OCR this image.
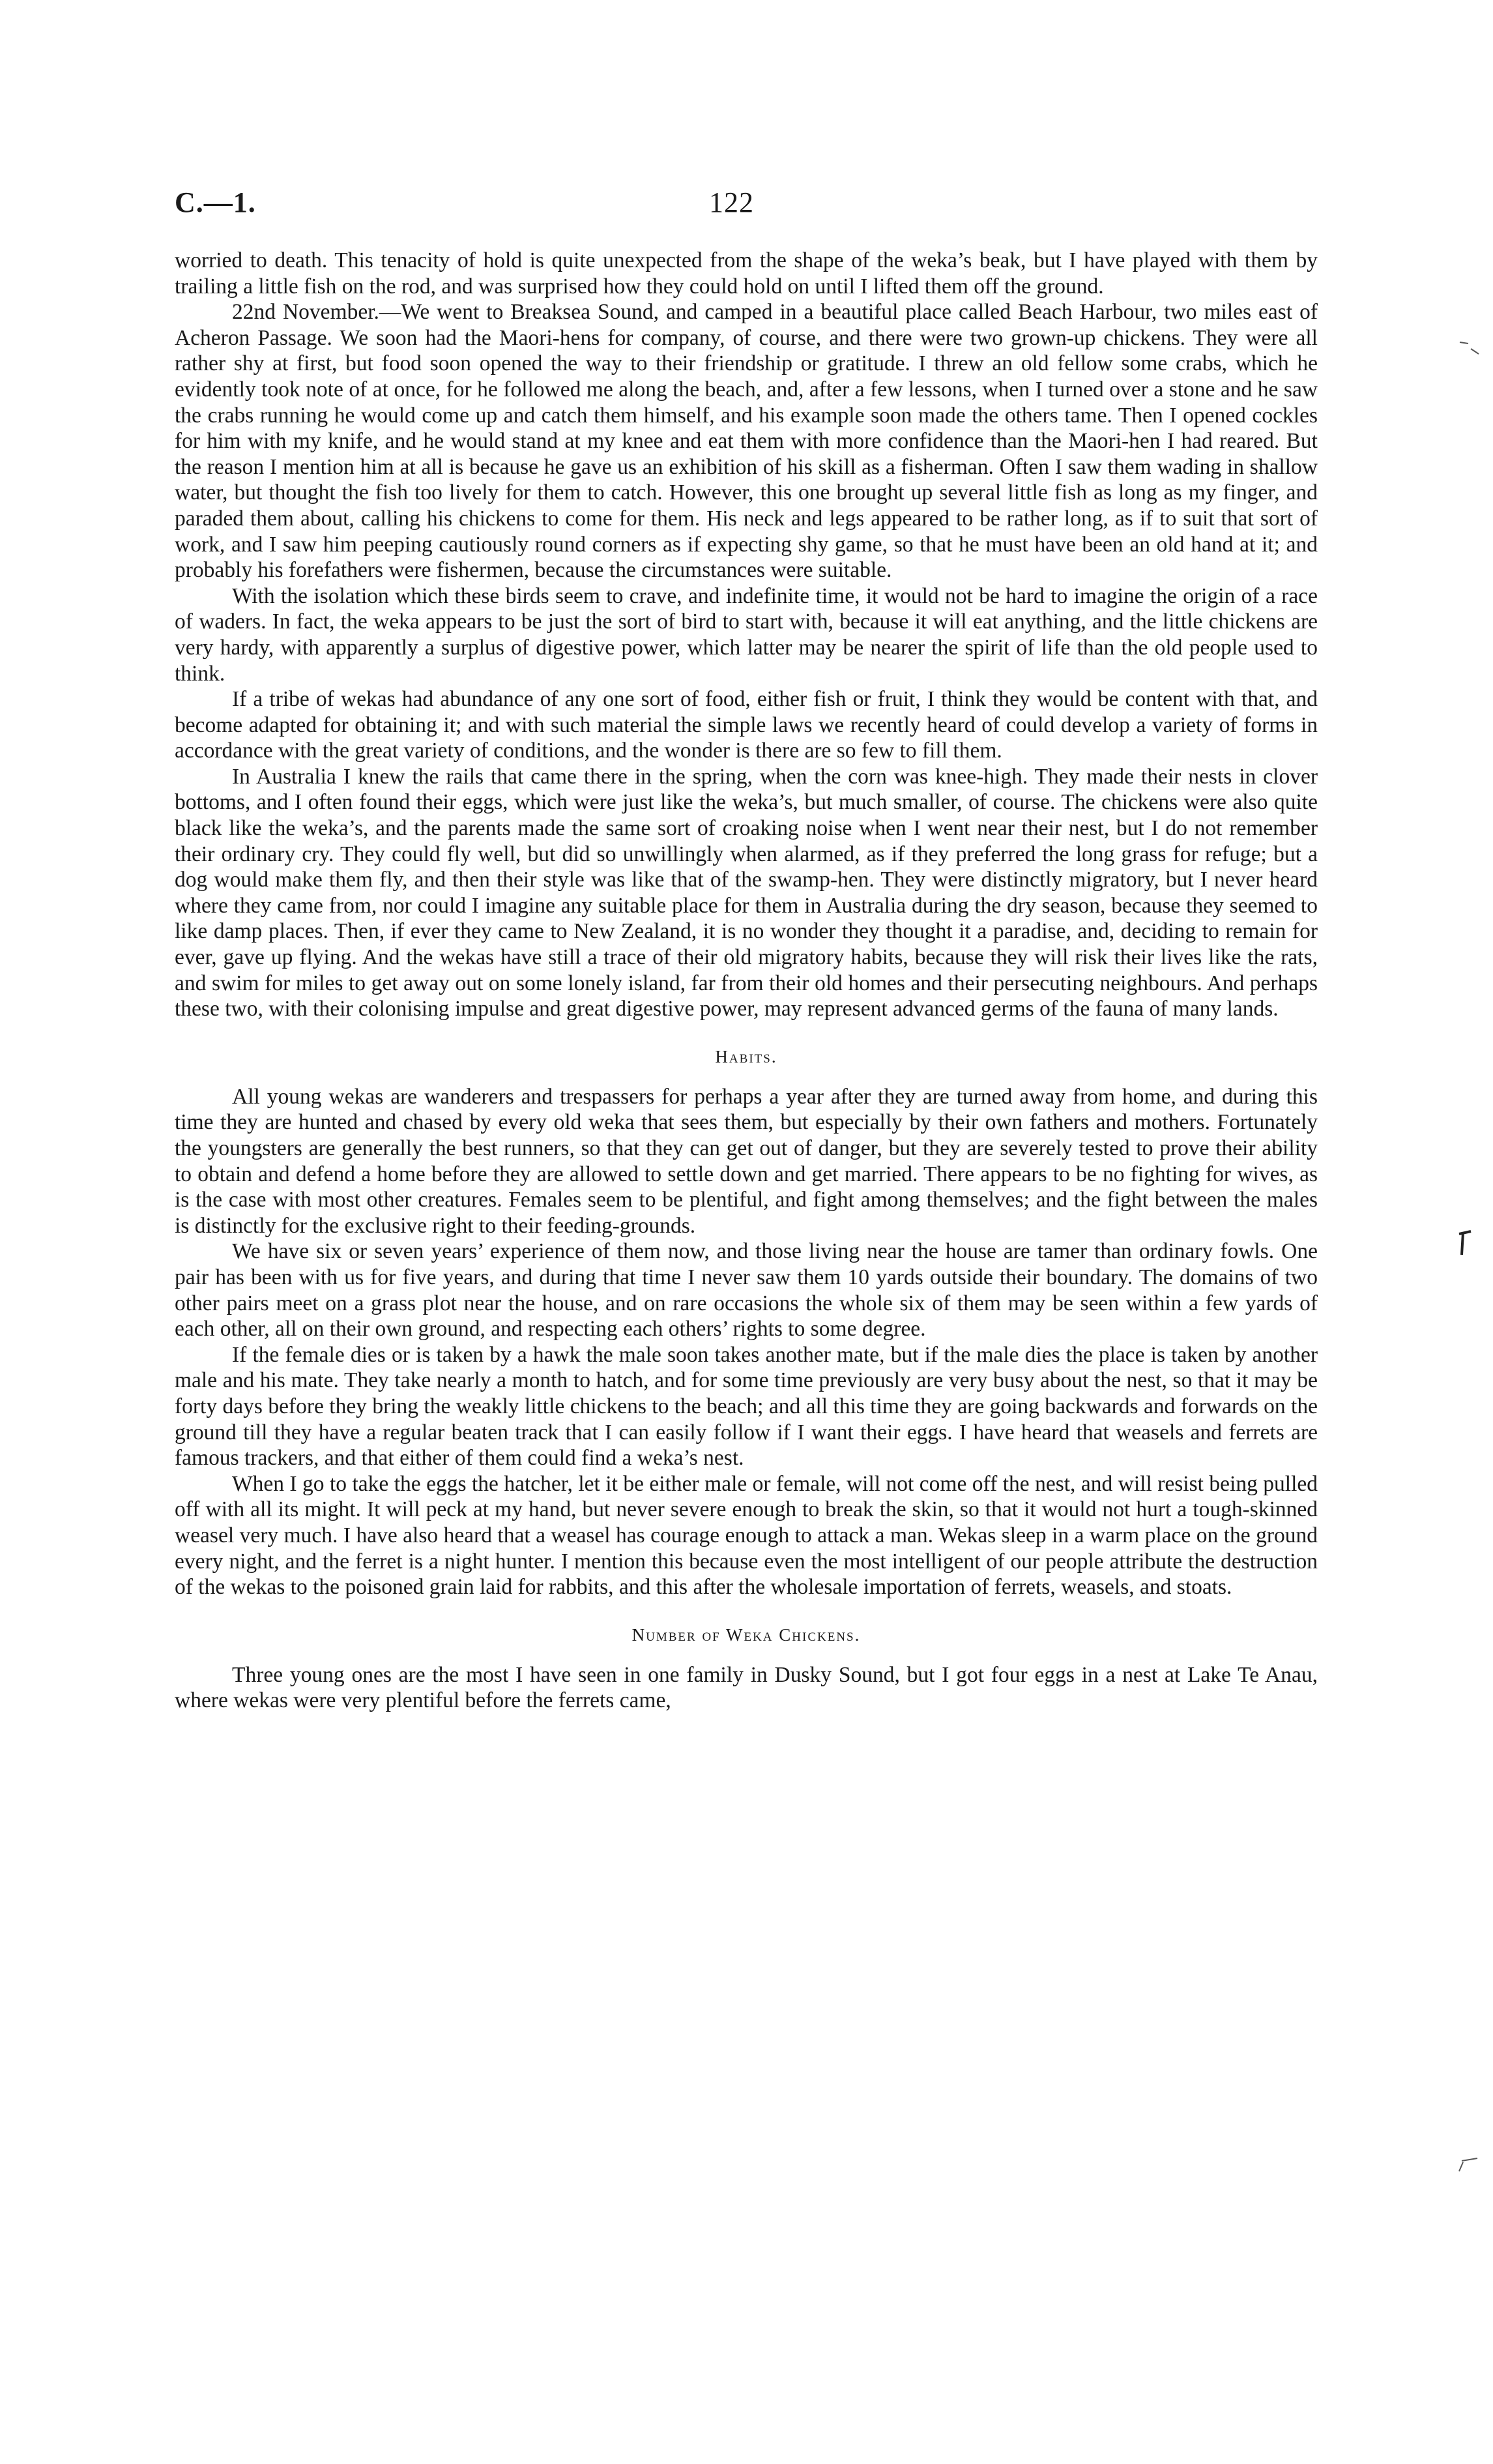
C.—1.	122

worried to death. This tenacity of hold is quite unexpected from the shape of the weka’s beak, but I have played with them by trailing a little fish on the rod, and was surprised how they could hold on until I lifted them off the ground.

22nd November.—We went to Breaksea Sound, and camped in a beautiful place called Beach Harbour, two miles east of Acheron Passage. We soon had the Maori-hens for company, of course, and there were two grown-up chickens. They were all rather shy at first, but food soon opened the way to their friendship or gratitude. I threw an old fellow some crabs, which he evidently took note of at once, for he followed me along the beach, and, after a few lessons, when I turned over a stone and he saw the crabs running he would come up and catch them himself, and his example soon made the others tame. Then I opened cockles for him with my knife, and he would stand at my knee and eat them with more confidence than the Maori-hen I had reared. But the reason I mention him at all is because he gave us an exhibition of his skill as a fisherman. Often I saw them wading in shallow water, but thought the fish too lively for them to catch. However, this one brought up several little fish as long as my finger, and paraded them about, calling his chickens to come for them. His neck and legs appeared to be rather long, as if to suit that sort of work, and I saw him peeping cautiously round corners as if expecting shy game, so that he must have been an old hand at it; and probably his forefathers were fishermen, because the circumstances were suitable.

With the isolation which these birds seem to crave, and indefinite time, it would not be hard to imagine the origin of a race of waders. In fact, the weka appears to be just the sort of bird to start with, because it will eat anything, and the little chickens are very hardy, with apparently a surplus of digestive power, which latter may be nearer the spirit of life than the old people used to think.

If a tribe of wekas had abundance of any one sort of food, either fish or fruit, I think they would be content with that, and become adapted for obtaining it; and with such material the simple laws we recently heard of could develop a variety of forms in accordance with the great variety of conditions, and the wonder is there are so few to fill them.

In Australia I knew the rails that came there in the spring, when the corn was knee-high. They made their nests in clover bottoms, and I often found their eggs, which were just like the weka’s, but much smaller, of course. The chickens were also quite black like the weka’s, and the parents made the same sort of croaking noise when I went near their nest, but I do not remember their ordinary cry. They could fly well, but did so unwillingly when alarmed, as if they preferred the long grass for refuge; but a dog would make them fly, and then their style was like that of the swamp-hen. They were distinctly migratory, but I never heard where they came from, nor could I imagine any suitable place for them in Australia during the dry season, because they seemed to like damp places. Then, if ever they came to New Zealand, it is no wonder they thought it a paradise, and, deciding to remain for ever, gave up flying. And the wekas have still a trace of their old migratory habits, because they will risk their lives like the rats, and swim for miles to get away out on some lonely island, far from their old homes and their persecuting neighbours. And perhaps these two, with their colonising impulse and great digestive power, may represent advanced germs of the fauna of many lands.

Habits.

All young wekas are wanderers and trespassers for perhaps a year after they are turned away from home, and during this time they are hunted and chased by every old weka that sees them, but especially by their own fathers and mothers. Fortunately the youngsters are generally the best runners, so that they can get out of danger, but they are severely tested to prove their ability to obtain and defend a home before they are allowed to settle down and get married. There appears to be no fighting for wives, as is the case with most other creatures. Females seem to be plentiful, and fight among themselves; and the fight between the males is distinctly for the exclusive right to their feeding-grounds.

We have six or seven years’ experience of them now, and those living near the house are tamer than ordinary fowls. One pair has been with us for five years, and during that time I never saw them 10 yards outside their boundary. The domains of two other pairs meet on a grass plot near the house, and on rare occasions the whole six of them may be seen within a few yards of each other, all on their own ground, and respecting each others’ rights to some degree.

If the female dies or is taken by a hawk the male soon takes another mate, but if the male dies the place is taken by another male and his mate. They take nearly a month to hatch, and for some time previously are very busy about the nest, so that it may be forty days before they bring the weakly little chickens to the beach; and all this time they are going backwards and forwards on the ground till they have a regular beaten track that I can easily follow if I want their eggs. I have heard that weasels and ferrets are famous trackers, and that either of them could find a weka’s nest.

When I go to take the eggs the hatcher, let it be either male or female, will not come off the nest, and will resist being pulled off with all its might. It will peck at my hand, but never severe enough to break the skin, so that it would not hurt a tough-skinned weasel very much. I have also heard that a weasel has courage enough to attack a man. Wekas sleep in a warm place on the ground every night, and the ferret is a night hunter. I mention this because even the most intelligent of our people attribute the destruction of the wekas to the poisoned grain laid for rabbits, and this after the wholesale importation of ferrets, weasels, and stoats.

Number of Weka Chickens.

Three young ones are the most I have seen in one family in Dusky Sound, but I got four eggs in a nest at Lake Te Anau, where wekas were very plentiful before the ferrets came,
